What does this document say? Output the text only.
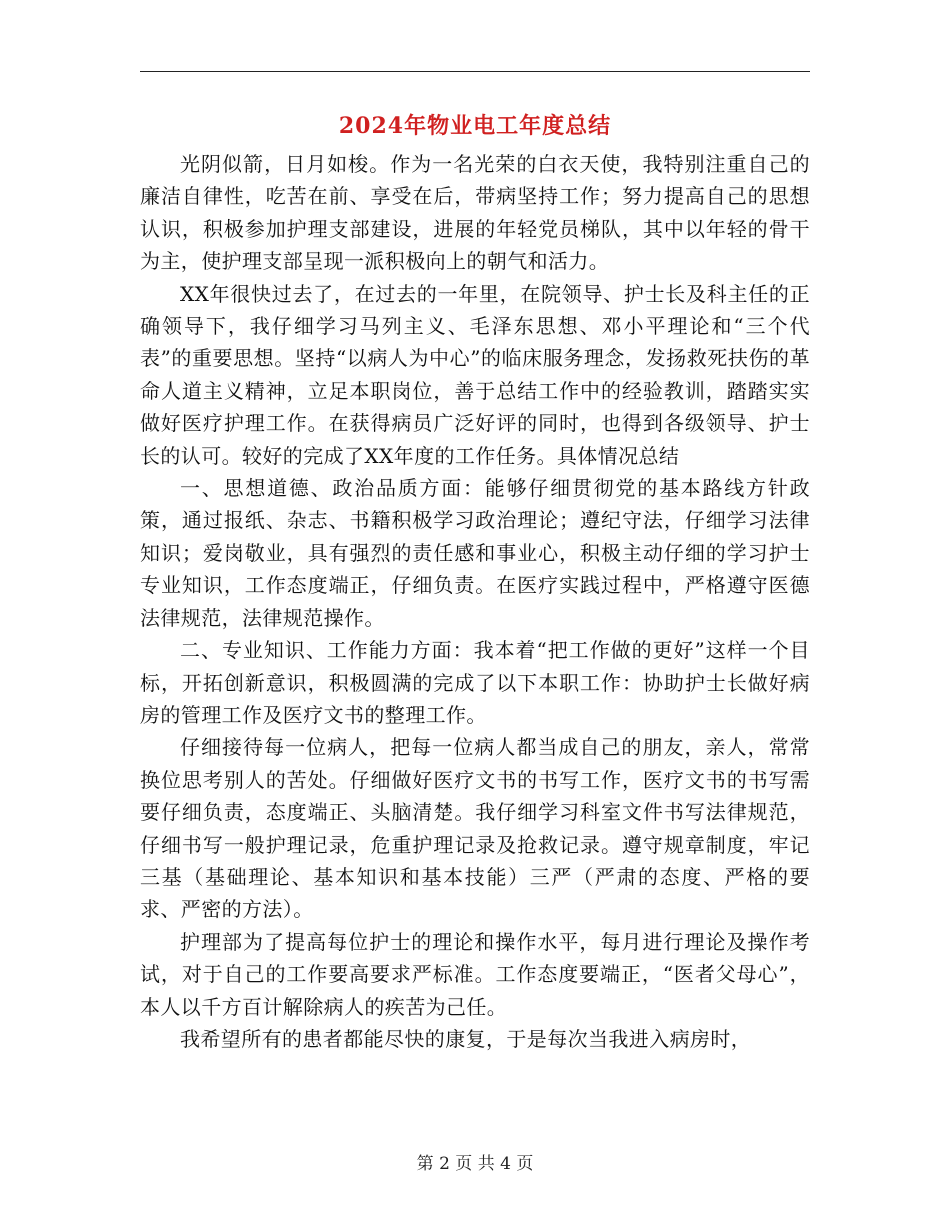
2024年物业电工年度总结

光阴似箭，日月如梭。作为一名光荣的白衣天使，我特别注重自己的廉洁自律性，吃苦在前、享受在后，带病坚持工作；努力提高自己的思想认识，积极参加护理支部建设，进展的年轻党员梯队，其中以年轻的骨干为主，使护理支部呈现一派积极向上的朝气和活力。

XX年很快过去了，在过去的一年里，在院领导、护士长及科主任的正确领导下，我仔细学习马列主义、毛泽东思想、邓小平理论和“三个代表”的重要思想。坚持“以病人为中心”的临床服务理念，发扬救死扶伤的革命人道主义精神，立足本职岗位，善于总结工作中的经验教训，踏踏实实做好医疗护理工作。在获得病员广泛好评的同时，也得到各级领导、护士长的认可。较好的完成了XX年度的工作任务。具体情况总结

一、思想道德、政治品质方面：能够仔细贯彻党的基本路线方针政策，通过报纸、杂志、书籍积极学习政治理论；遵纪守法，仔细学习法律知识；爱岗敬业，具有强烈的责任感和事业心，积极主动仔细的学习护士专业知识，工作态度端正，仔细负责。在医疗实践过程中，严格遵守医德法律规范，法律规范操作。

二、专业知识、工作能力方面：我本着“把工作做的更好”这样一个目标，开拓创新意识，积极圆满的完成了以下本职工作：协助护士长做好病房的管理工作及医疗文书的整理工作。

仔细接待每一位病人，把每一位病人都当成自己的朋友，亲人，常常换位思考别人的苦处。仔细做好医疗文书的书写工作，医疗文书的书写需要仔细负责，态度端正、头脑清楚。我仔细学习科室文件书写法律规范，仔细书写一般护理记录，危重护理记录及抢救记录。遵守规章制度，牢记三基（基础理论、基本知识和基本技能）三严（严肃的态度、严格的要求、严密的方法）。

护理部为了提高每位护士的理论和操作水平，每月进行理论及操作考试，对于自己的工作要高要求严标准。工作态度要端正，“医者父母心”，本人以千方百计解除病人的疾苦为己任。

我希望所有的患者都能尽快的康复，于是每次当我进入病房时，

第 2 页 共 4 页
